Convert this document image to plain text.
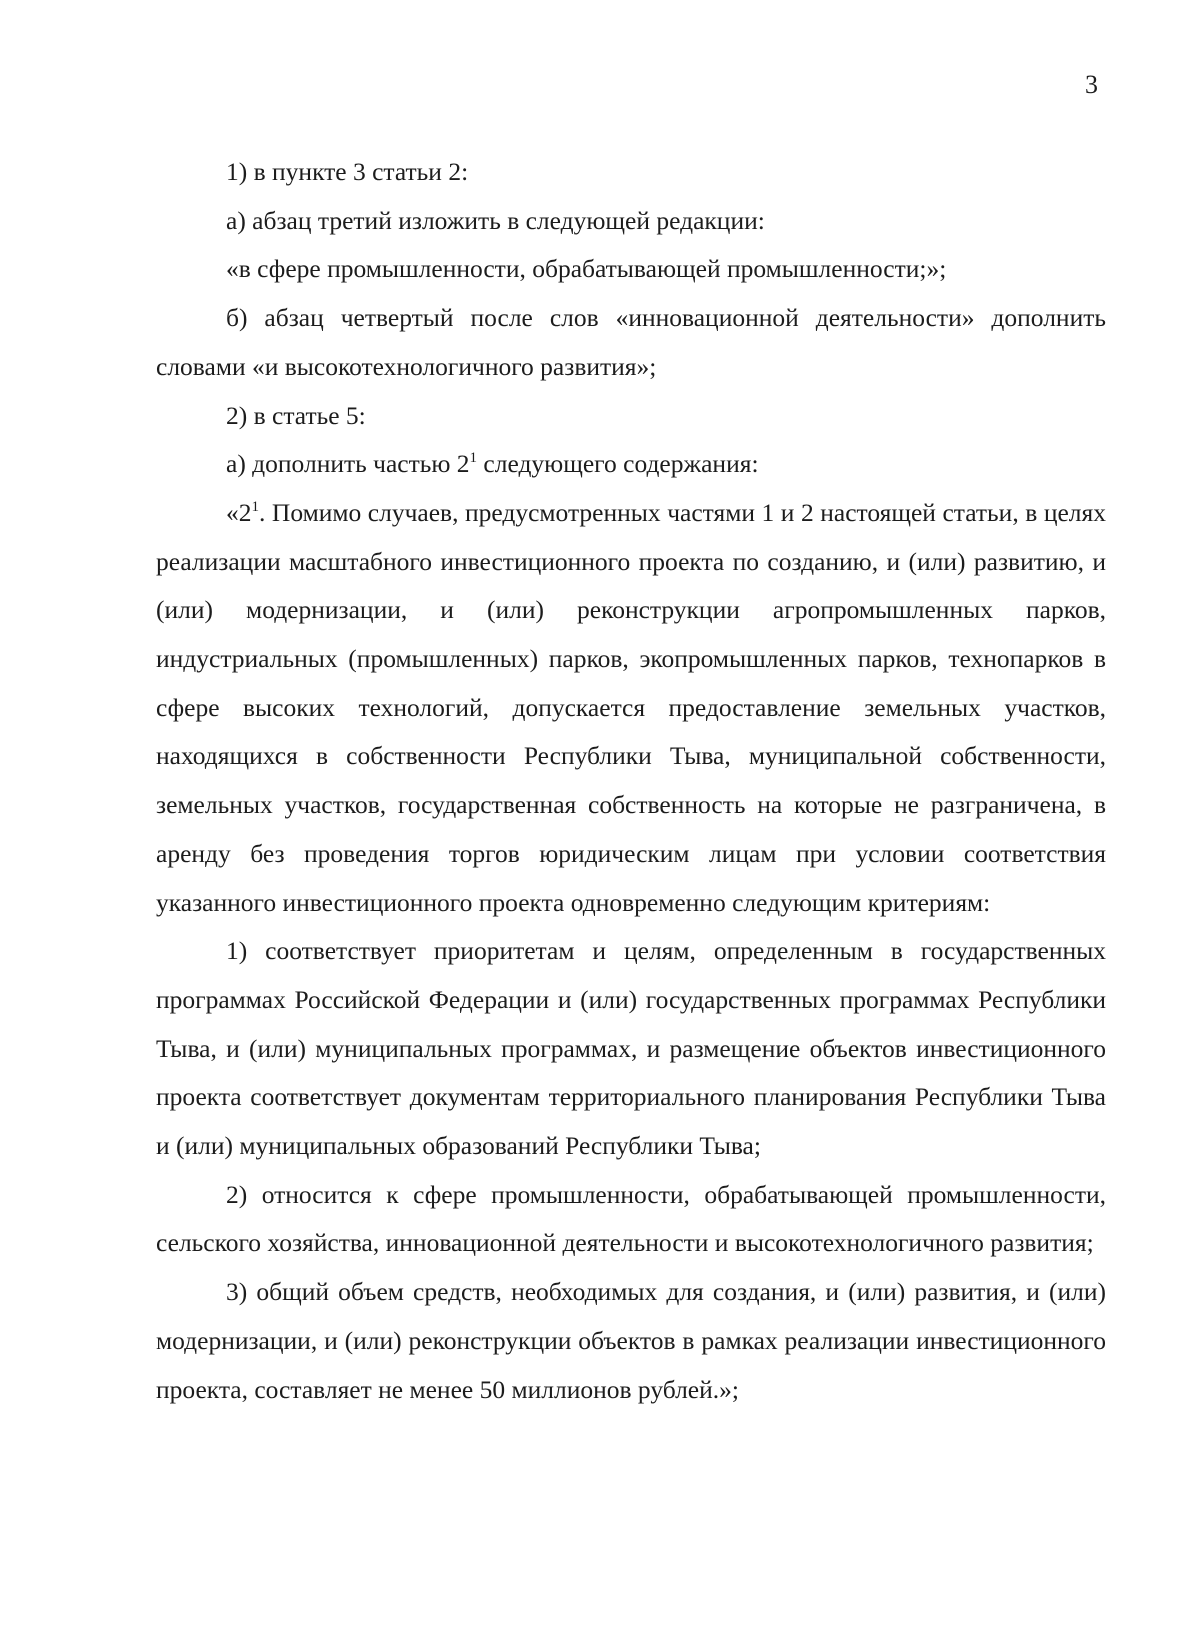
3

1) в пункте 3 статьи 2:

а) абзац третий изложить в следующей редакции:

«в сфере промышленности, обрабатывающей промышленности;»;

б) абзац четвертый после слов «инновационной деятельности» дополнить словами «и высокотехнологичного развития»;

2) в статье 5:

а) дополнить частью $2^1$ следующего содержания:

«$2^1$. Помимо случаев, предусмотренных частями 1 и 2 настоящей статьи, в целях реализации масштабного инвестиционного проекта по созданию, и (или) развитию, и (или) модернизации, и (или) реконструкции агропромышленных парков, индустриальных (промышленных) парков, экопромышленных парков, технопарков в сфере высоких технологий, допускается предоставление земельных участков, находящихся в собственности Республики Тыва, муниципальной собственности, земельных участков, государственная собственность на которые не разграничена, в аренду без проведения торгов юридическим лицам при условии соответствия указанного инвестиционного проекта одновременно следующим критериям:

1) соответствует приоритетам и целям, определенным в государственных программах Российской Федерации и (или) государственных программах Республики Тыва, и (или) муниципальных программах, и размещение объектов инвестиционного проекта соответствует документам территориального планирования Республики Тыва и (или) муниципальных образований Республики Тыва;

2) относится к сфере промышленности, обрабатывающей промышленности, сельского хозяйства, инновационной деятельности и высокотехнологичного развития;

3) общий объем средств, необходимых для создания, и (или) развития, и (или) модернизации, и (или) реконструкции объектов в рамках реализации инвестиционного проекта, составляет не менее 50 миллионов рублей.»;
